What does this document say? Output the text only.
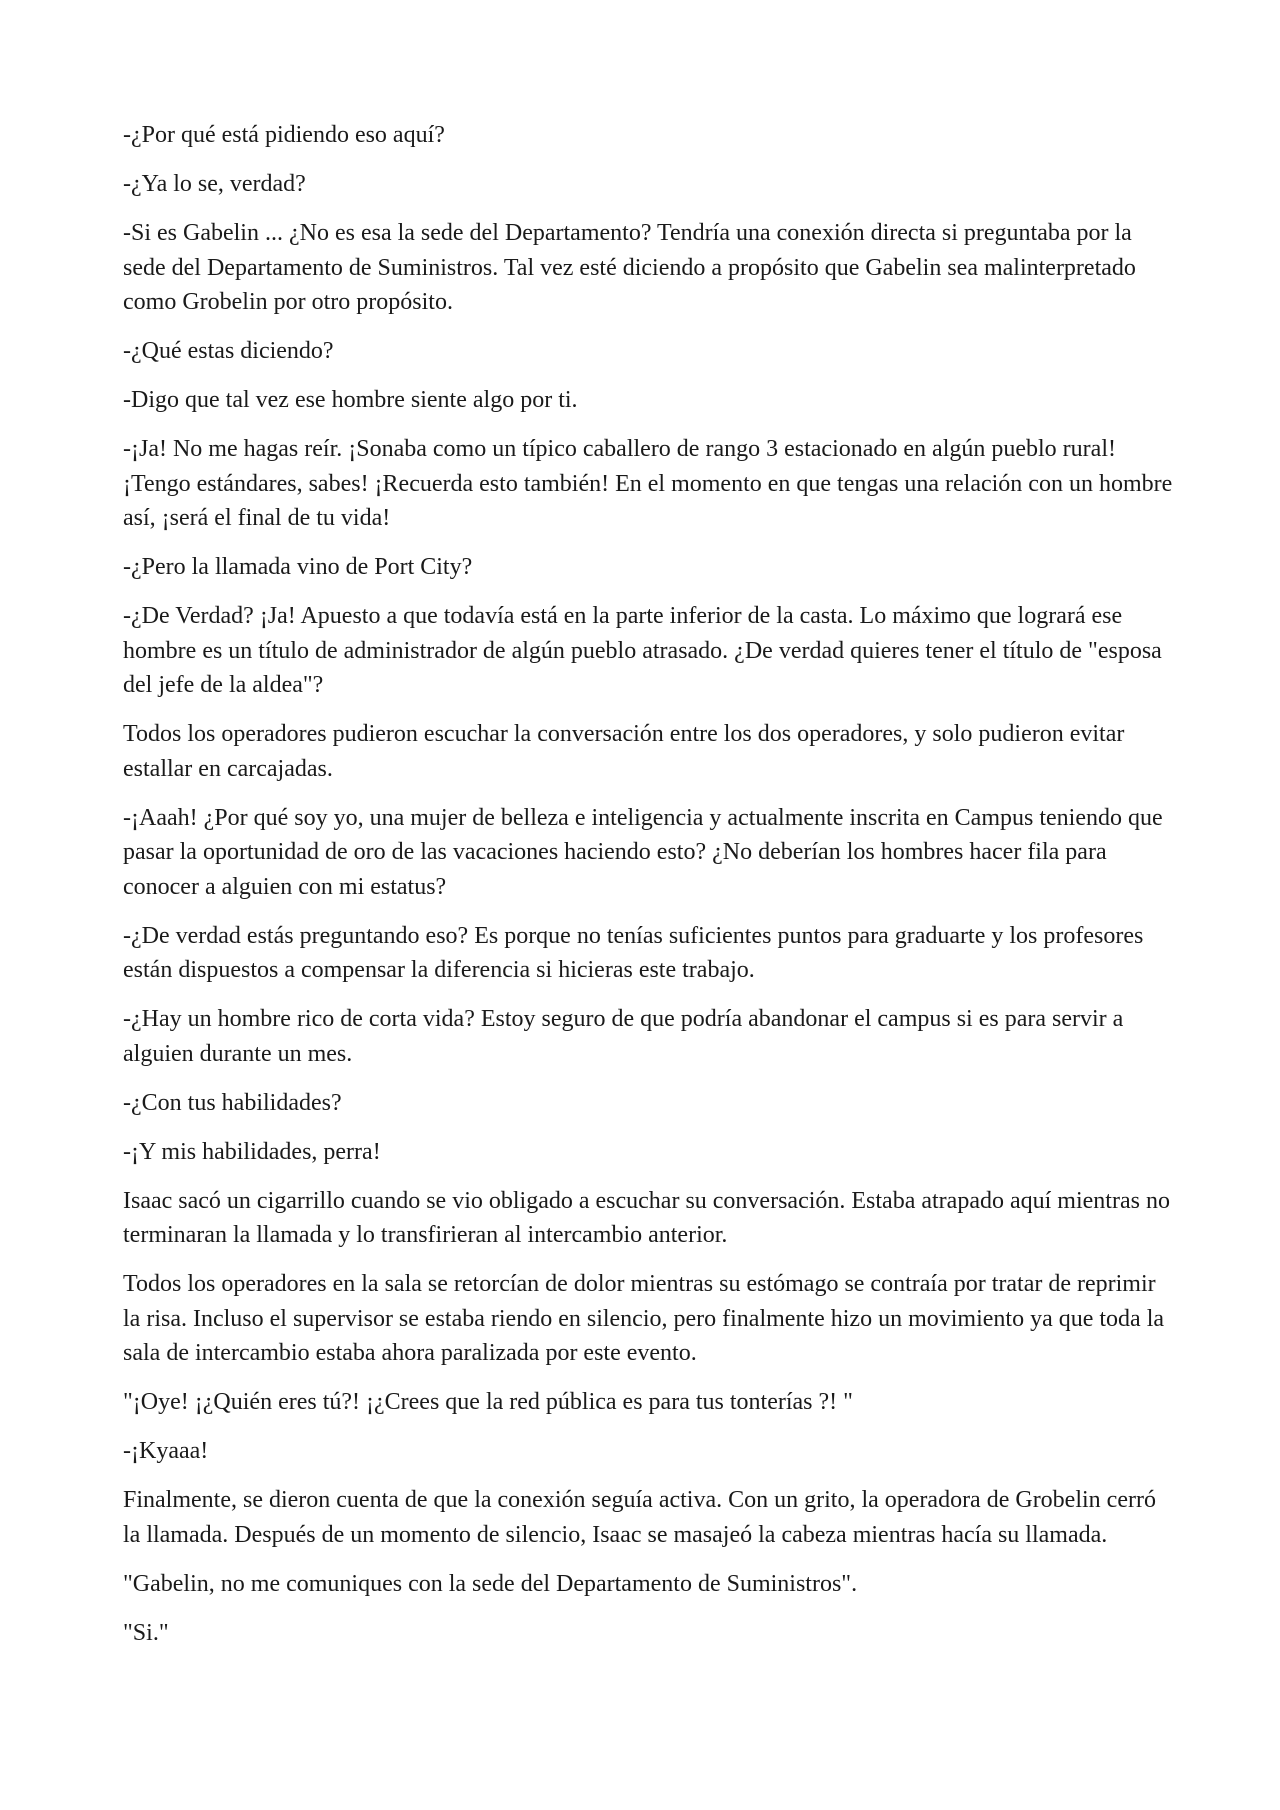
-¿Por qué está pidiendo eso aquí?

-¿Ya lo se, verdad?

-Si es Gabelin ... ¿No es esa la sede del Departamento? Tendría una conexión directa si preguntaba por la sede del Departamento de Suministros. Tal vez esté diciendo a propósito que Gabelin sea malinterpretado como Grobelin por otro propósito.

-¿Qué estas diciendo?

-Digo que tal vez ese hombre siente algo por ti.

-¡Ja! No me hagas reír. ¡Sonaba como un típico caballero de rango 3 estacionado en algún pueblo rural! ¡Tengo estándares, sabes! ¡Recuerda esto también! En el momento en que tengas una relación con un hombre así, ¡será el final de tu vida!

-¿Pero la llamada vino de Port City?

-¿De Verdad? ¡Ja! Apuesto a que todavía está en la parte inferior de la casta. Lo máximo que logrará ese hombre es un título de administrador de algún pueblo atrasado. ¿De verdad quieres tener el título de "esposa del jefe de la aldea"?

Todos los operadores pudieron escuchar la conversación entre los dos operadores, y solo pudieron evitar estallar en carcajadas.

-¡Aaah! ¿Por qué soy yo, una mujer de belleza e inteligencia y actualmente inscrita en Campus teniendo que pasar la oportunidad de oro de las vacaciones haciendo esto? ¿No deberían los hombres hacer fila para conocer a alguien con mi estatus?

-¿De verdad estás preguntando eso? Es porque no tenías suficientes puntos para graduarte y los profesores están dispuestos a compensar la diferencia si hicieras este trabajo.

-¿Hay un hombre rico de corta vida? Estoy seguro de que podría abandonar el campus si es para servir a alguien durante un mes.

-¿Con tus habilidades?

-¡Y mis habilidades, perra!

Isaac sacó un cigarrillo cuando se vio obligado a escuchar su conversación. Estaba atrapado aquí mientras no terminaran la llamada y lo transfirieran al intercambio anterior.

Todos los operadores en la sala se retorcían de dolor mientras su estómago se contraía por tratar de reprimir la risa. Incluso el supervisor se estaba riendo en silencio, pero finalmente hizo un movimiento ya que toda la sala de intercambio estaba ahora paralizada por este evento.

"¡Oye! ¡¿Quién eres tú?! ¡¿Crees que la red pública es para tus tonterías ?! "

-¡Kyaaa!

Finalmente, se dieron cuenta de que la conexión seguía activa. Con un grito, la operadora de Grobelin cerró la llamada. Después de un momento de silencio, Isaac se masajeó la cabeza mientras hacía su llamada.

"Gabelin, no me comuniques con la sede del Departamento de Suministros".

"Si."
